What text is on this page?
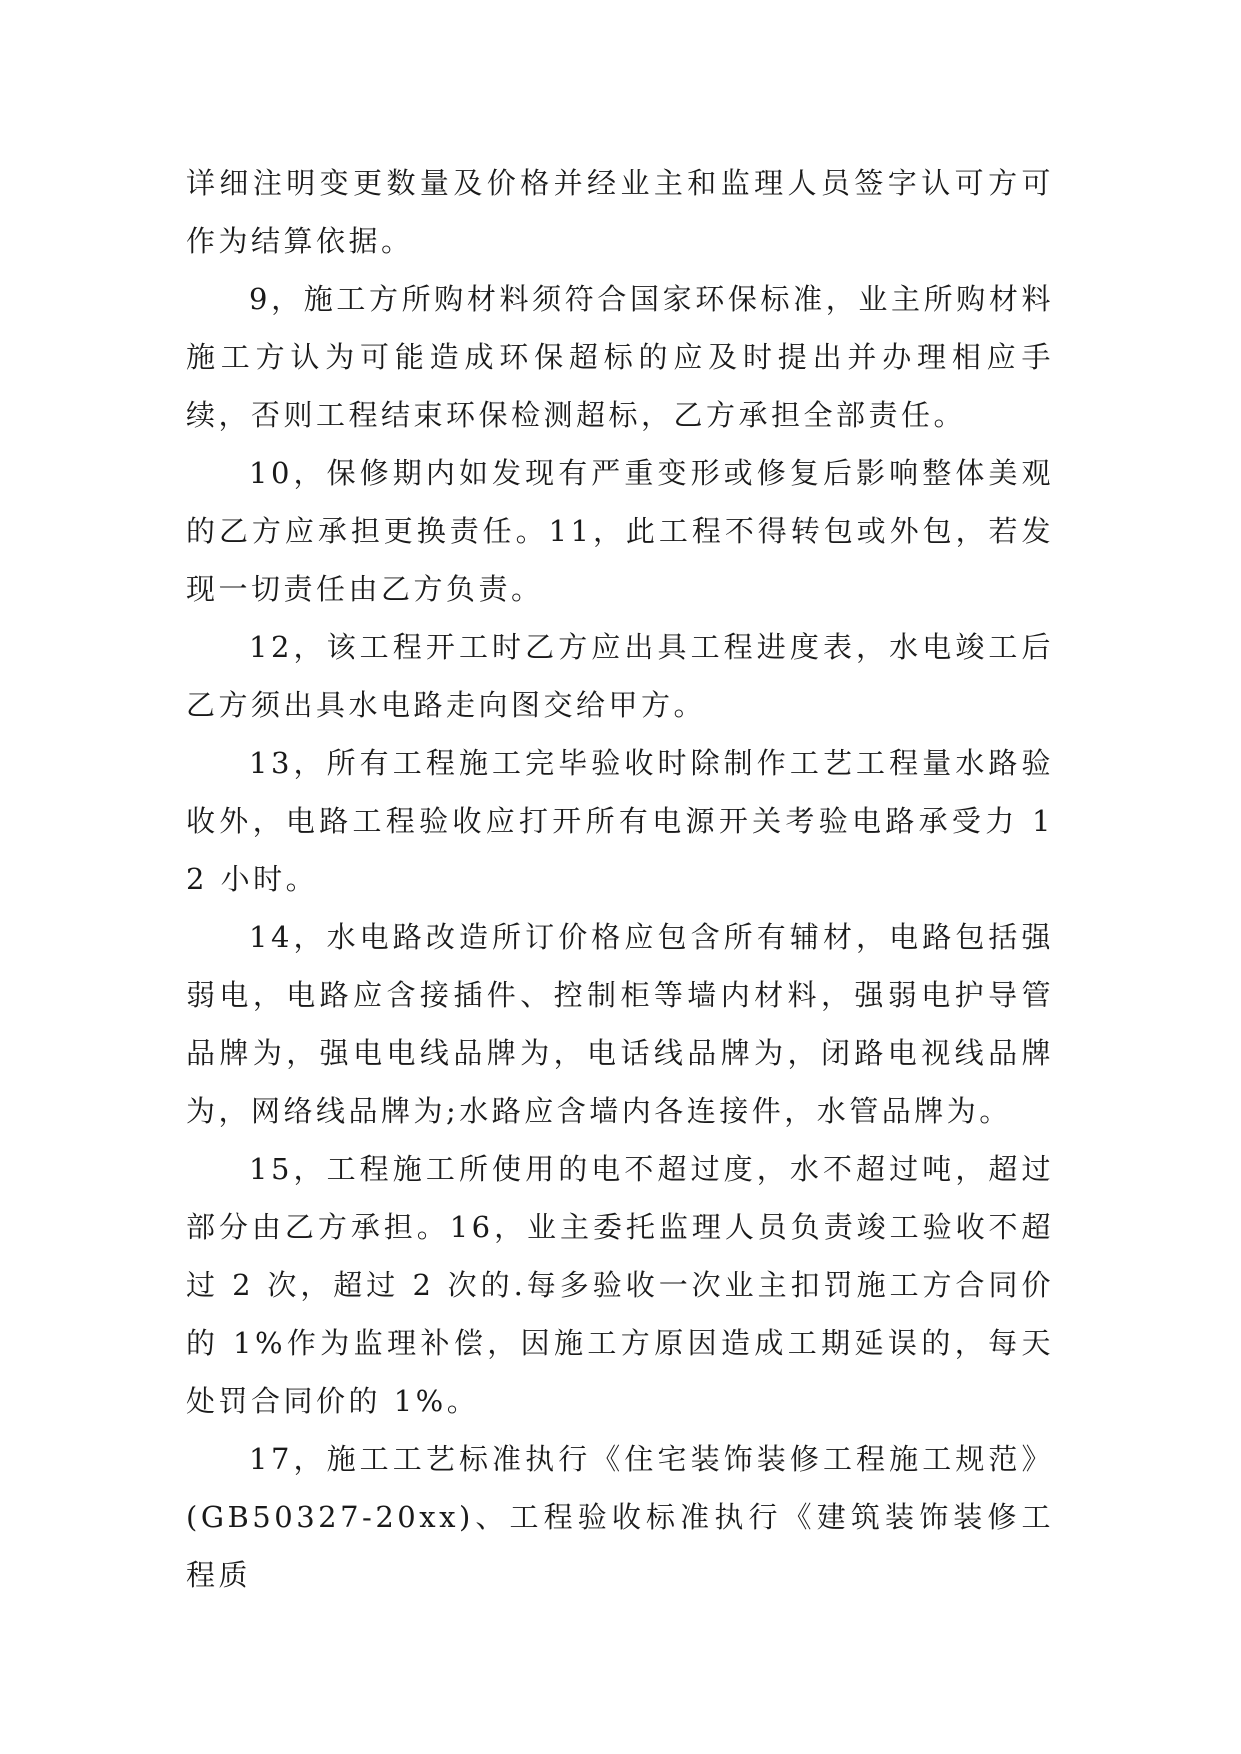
详细注明变更数量及价格并经业主和监理人员签字认可方可作为结算依据。

9，施工方所购材料须符合国家环保标准，业主所购材料施工方认为可能造成环保超标的应及时提出并办理相应手续，否则工程结束环保检测超标，乙方承担全部责任。

10，保修期内如发现有严重变形或修复后影响整体美观的乙方应承担更换责任。11，此工程不得转包或外包，若发现一切责任由乙方负责。

12，该工程开工时乙方应出具工程进度表，水电竣工后乙方须出具水电路走向图交给甲方。

13，所有工程施工完毕验收时除制作工艺工程量水路验收外，电路工程验收应打开所有电源开关考验电路承受力 12 小时。

14，水电路改造所订价格应包含所有辅材，电路包括强弱电，电路应含接插件、控制柜等墙内材料，强弱电护导管品牌为，强电电线品牌为，电话线品牌为，闭路电视线品牌为，网络线品牌为;水路应含墙内各连接件，水管品牌为。

15，工程施工所使用的电不超过度，水不超过吨，超过部分由乙方承担。16，业主委托监理人员负责竣工验收不超过 2 次，超过 2 次的.每多验收一次业主扣罚施工方合同价的 1%作为监理补偿，因施工方原因造成工期延误的，每天处罚合同价的 1%。

17，施工工艺标准执行《住宅装饰装修工程施工规范》(GB50327-20xx)、工程验收标准执行《建筑装饰装修工程质
